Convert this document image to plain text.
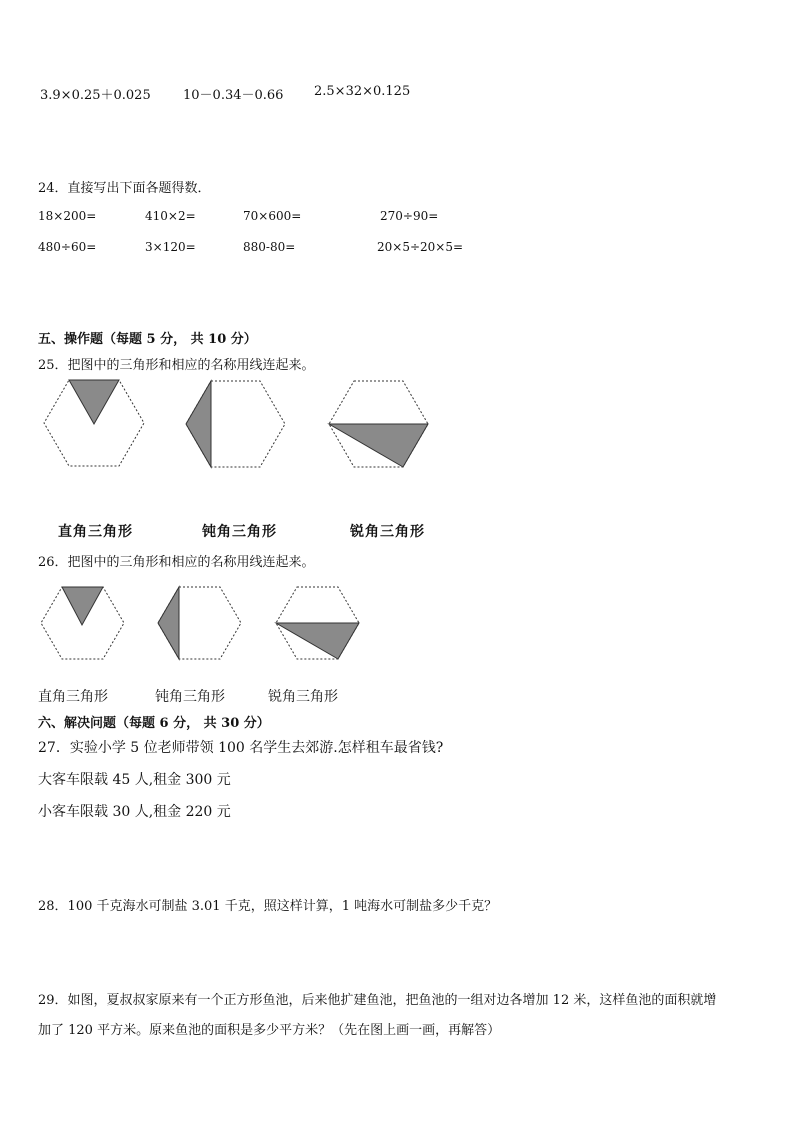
3.9×0.25＋0.025 10－0.34－0.66 2.5×32×0.125
24．直接写出下面各题得数．
18×200=	410×2=	70×600=	270÷90=
480÷60=	3×120=	880-80=	20×5÷20×5=
五、操作题（每题 5 分， 共 10 分）
25．把图中的三角形和相应的名称用线连起来。
直角三角形	钝角三角形	锐角三角形
26．把图中的三角形和相应的名称用线连起来。
直角三角形	钝角三角形	锐角三角形
六、解决问题（每题 6 分， 共 30 分）
27．实验小学 5 位老师带领 100 名学生去郊游.怎样租车最省钱?
大客车限载 45 人,租金 300 元
小客车限载 30 人,租金 220 元
28．100 千克海水可制盐 3.01 千克，照这样计算，1 吨海水可制盐多少千克？
29．如图，夏叔叔家原来有一个正方形鱼池，后来他扩建鱼池，把鱼池的一组对边各增加 12 米，这样鱼池的面积就增
加了 120 平方米。原来鱼池的面积是多少平方米？（先在图上画一画，再解答）
